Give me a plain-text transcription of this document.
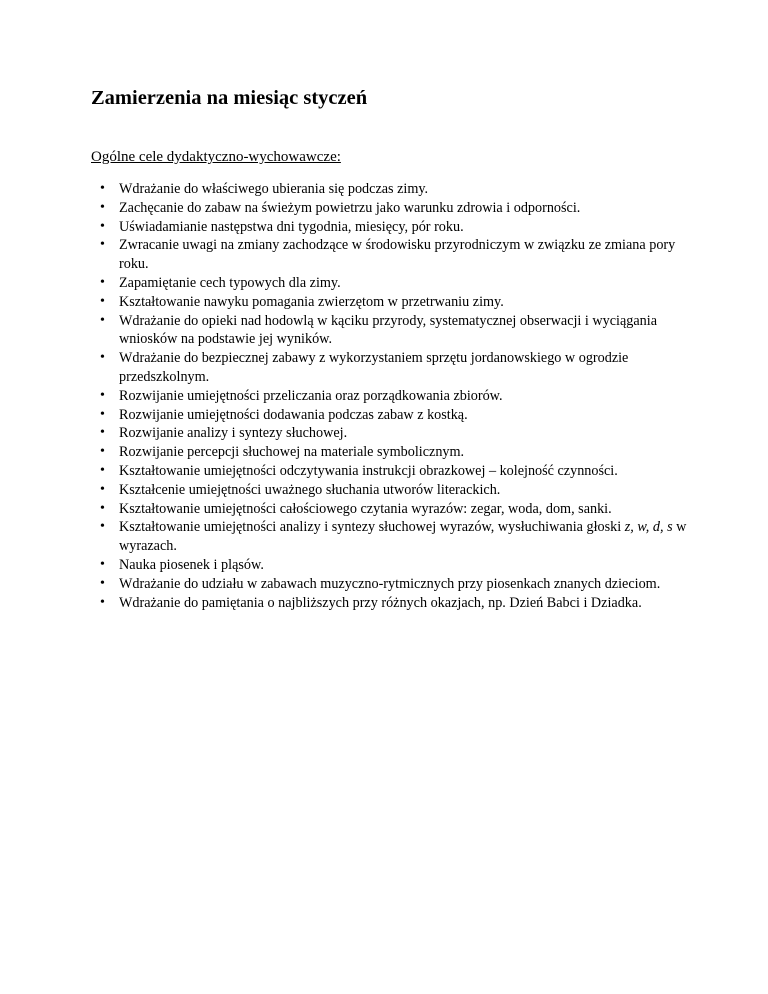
Zamierzenia na miesiąc styczeń

Ogólne cele dydaktyczno-wychowawcze:

• Wdrażanie do właściwego ubierania się podczas zimy.
• Zachęcanie do zabaw na świeżym powietrzu jako warunku zdrowia i odporności.
• Uświadamianie następstwa dni tygodnia, miesięcy, pór roku.
• Zwracanie uwagi na zmiany zachodzące w środowisku przyrodniczym w związku ze zmiana pory roku.
• Zapamiętanie cech typowych dla zimy.
• Kształtowanie nawyku pomagania zwierzętom w przetrwaniu zimy.
• Wdrażanie do opieki nad hodowlą w kąciku przyrody, systematycznej obserwacji i wyciągania wniosków na podstawie jej wyników.
• Wdrażanie do bezpiecznej zabawy z wykorzystaniem sprzętu jordanowskiego w ogrodzie przedszkolnym.
• Rozwijanie umiejętności przeliczania oraz porządkowania zbiorów.
• Rozwijanie umiejętności dodawania podczas zabaw z kostką.
• Rozwijanie analizy i syntezy słuchowej.
• Rozwijanie percepcji słuchowej na materiale symbolicznym.
• Kształtowanie umiejętności odczytywania instrukcji obrazkowej – kolejność czynności.
• Kształcenie umiejętności uważnego słuchania utworów literackich.
• Kształtowanie umiejętności całościowego czytania wyrazów: zegar, woda, dom, sanki.
• Kształtowanie umiejętności analizy i syntezy słuchowej wyrazów, wysłuchiwania głoski z, w, d, s w wyrazach.
• Nauka piosenek i pląsów.
• Wdrażanie do udziału w zabawach muzyczno-rytmicznych przy piosenkach znanych dzieciom.
• Wdrażanie do pamiętania o najbliższych przy różnych okazjach, np. Dzień Babci i Dziadka.
